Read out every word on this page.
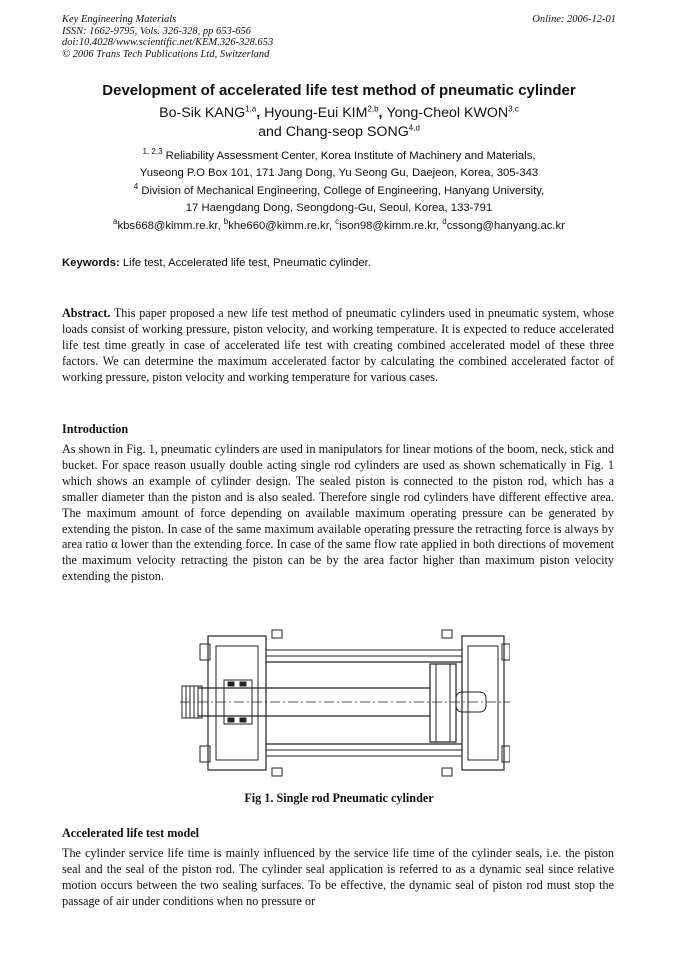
Key Engineering Materials
ISSN: 1662-9795, Vols. 326-328, pp 653-656
doi:10.4028/www.scientific.net/KEM.326-328.653
© 2006 Trans Tech Publications Ltd, Switzerland
Online: 2006-12-01
Development of accelerated life test method of pneumatic cylinder
Bo-Sik KANG$^{1,a}$, Hyoung-Eui KIM$^{2,b}$, Yong-Cheol KWON$^{3,c}$
and Chang-seop SONG$^{4,d}$
$^{1, 2,3}$ Reliability Assessment Center, Korea Institute of Machinery and Materials,
Yuseong P.O Box 101, 171 Jang Dong, Yu Seong Gu, Daejeon, Korea, 305-343
$^4$ Division of Mechanical Engineering, College of Engineering, Hanyang University,
17 Haengdang Dong, Seongdong-Gu, Seoul, Korea, 133-791
$^a$kbs668@kimm.re.kr, $^b$khe660@kimm.re.kr, $^c$ison98@kimm.re.kr, $^d$cssong@hanyang.ac.kr
Keywords: Life test, Accelerated life test, Pneumatic cylinder.
Abstract. This paper proposed a new life test method of pneumatic cylinders used in pneumatic system, whose loads consist of working pressure, piston velocity, and working temperature. It is expected to reduce accelerated life test time greatly in case of accelerated life test with creating combined accelerated model of these three factors. We can determine the maximum accelerated factor by calculating the combined accelerated factor of working pressure, piston velocity and working temperature for various cases.
Introduction
As shown in Fig. 1, pneumatic cylinders are used in manipulators for linear motions of the boom, neck, stick and bucket. For space reason usually double acting single rod cylinders are used as shown schematically in Fig. 1 which shows an example of cylinder design. The sealed piston is connected to the piston rod, which has a smaller diameter than the piston and is also sealed. Therefore single rod cylinders have different effective area. The maximum amount of force depending on available maximum operating pressure can be generated by extending the piston. In case of the same maximum available operating pressure the retracting force is always by area ratio α lower than the extending force. In case of the same flow rate applied in both directions of movement the maximum velocity retracting the piston can be by the area factor higher than maximum piston velocity extending the piston.
Fig 1. Single rod Pneumatic cylinder
Accelerated life test model
The cylinder service life time is mainly influenced by the service life time of the cylinder seals, i.e. the piston seal and the seal of the piston rod. The cylinder seal application is referred to as a dynamic seal since relative motion occurs between the two sealing surfaces. To be effective, the dynamic seal of piston rod must stop the passage of air under conditions when no pressure or
